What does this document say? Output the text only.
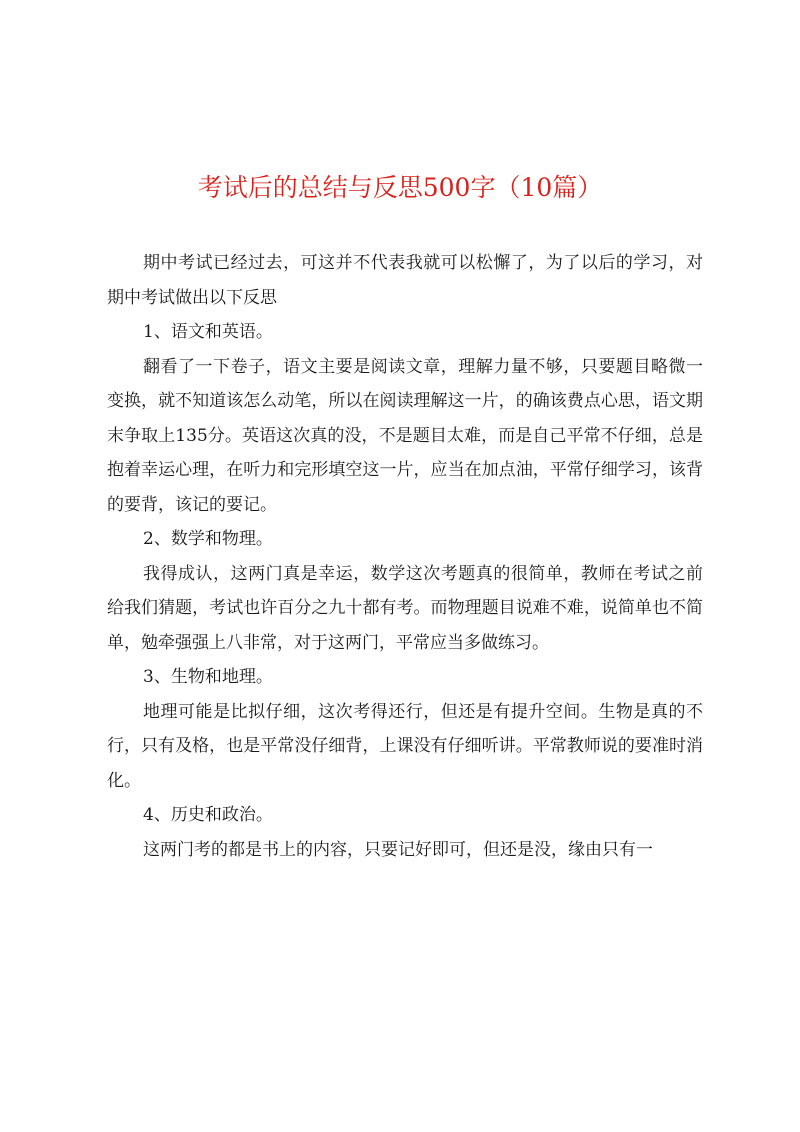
考试后的总结与反思500字（10篇）

期中考试已经过去，可这并不代表我就可以松懈了，为了以后的学习，对期中考试做出以下反思

1、语文和英语。

翻看了一下卷子，语文主要是阅读文章，理解力量不够，只要题目略微一变换，就不知道该怎么动笔，所以在阅读理解这一片，的确该费点心思，语文期末争取上135分。英语这次真的没，不是题目太难，而是自己平常不仔细，总是抱着幸运心理，在听力和完形填空这一片，应当在加点油，平常仔细学习，该背的要背，该记的要记。

2、数学和物理。

我得成认，这两门真是幸运，数学这次考题真的很简单，教师在考试之前给我们猜题，考试也许百分之九十都有考。而物理题目说难不难，说简单也不简单，勉牵强强上八非常，对于这两门，平常应当多做练习。

3、生物和地理。

地理可能是比拟仔细，这次考得还行，但还是有提升空间。生物是真的不行，只有及格，也是平常没仔细背，上课没有仔细听讲。平常教师说的要准时消化。

4、历史和政治。

这两门考的都是书上的内容，只要记好即可，但还是没，缘由只有一
